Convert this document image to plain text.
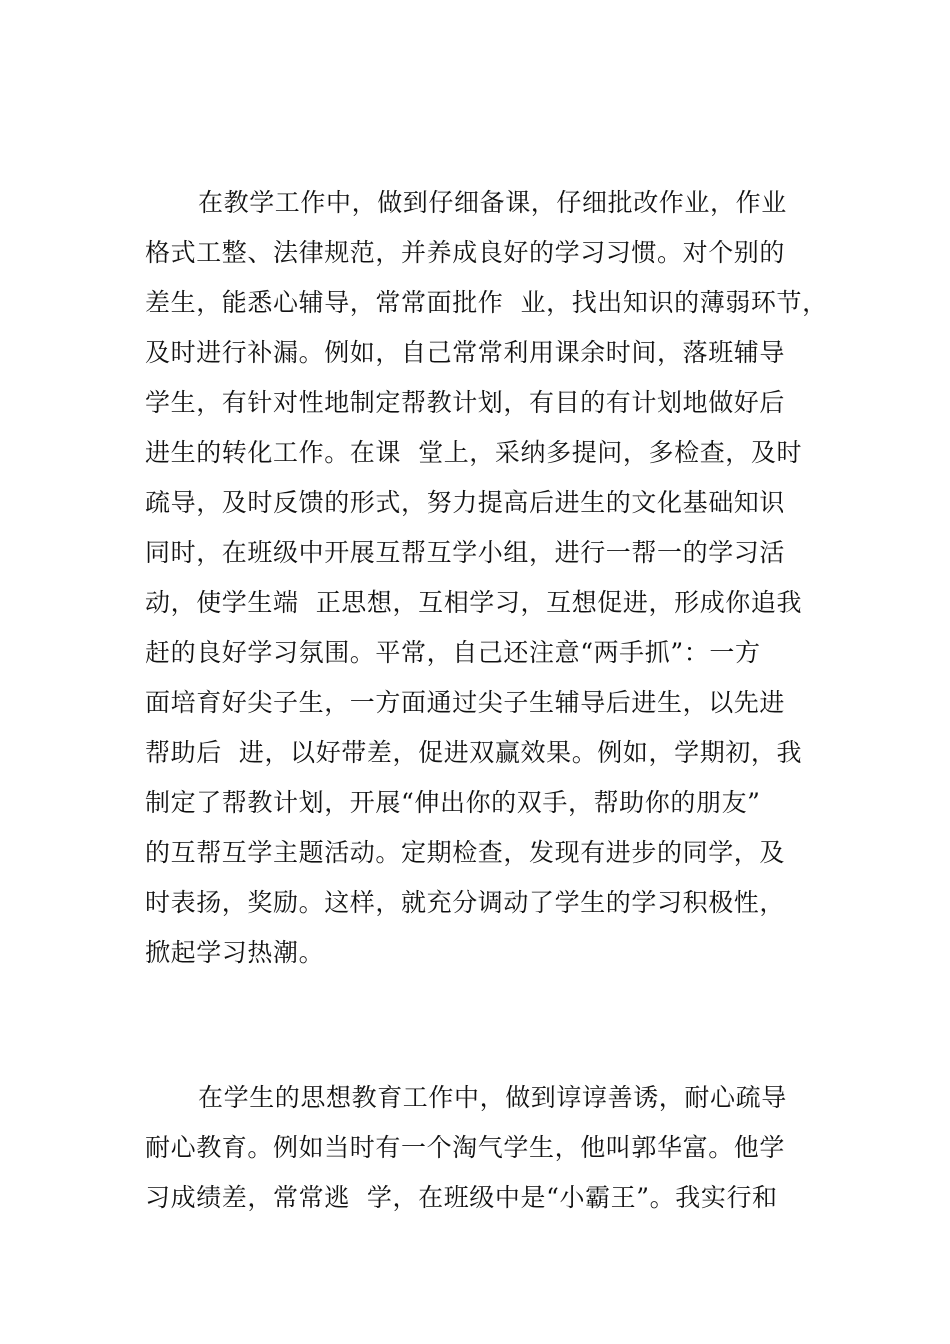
在教学工作中，做到仔细备课，仔细批改作业，作业
格式工整、法律规范，并养成良好的学习习惯。对个别的
差生，能悉心辅导，常常面批作  业，找出知识的薄弱环节，
及时进行补漏。例如，自己常常利用课余时间，落班辅导
学生，有针对性地制定帮教计划，有目的有计划地做好后
进生的转化工作。在课  堂上，采纳多提问，多检查，及时
疏导，及时反馈的形式，努力提高后进生的文化基础知识
同时，在班级中开展互帮互学小组，进行一帮一的学习活
动，使学生端  正思想，互相学习，互想促进，形成你追我
赶的良好学习氛围。平常，自己还注意“两手抓”：一方
面培育好尖子生，一方面通过尖子生辅导后进生，以先进
帮助后  进，以好带差，促进双赢效果。例如，学期初，我
制定了帮教计划，开展“伸出你的双手，帮助你的朋友”
的互帮互学主题活动。定期检查，发现有进步的同学，及
时表扬，奖励。这样，就充分调动了学生的学习积极性，
掀起学习热潮。
在学生的思想教育工作中，做到谆谆善诱，耐心疏导
耐心教育。例如当时有一个淘气学生，他叫郭华富。他学
习成绩差，常常逃  学，在班级中是“小霸王”。我实行和
